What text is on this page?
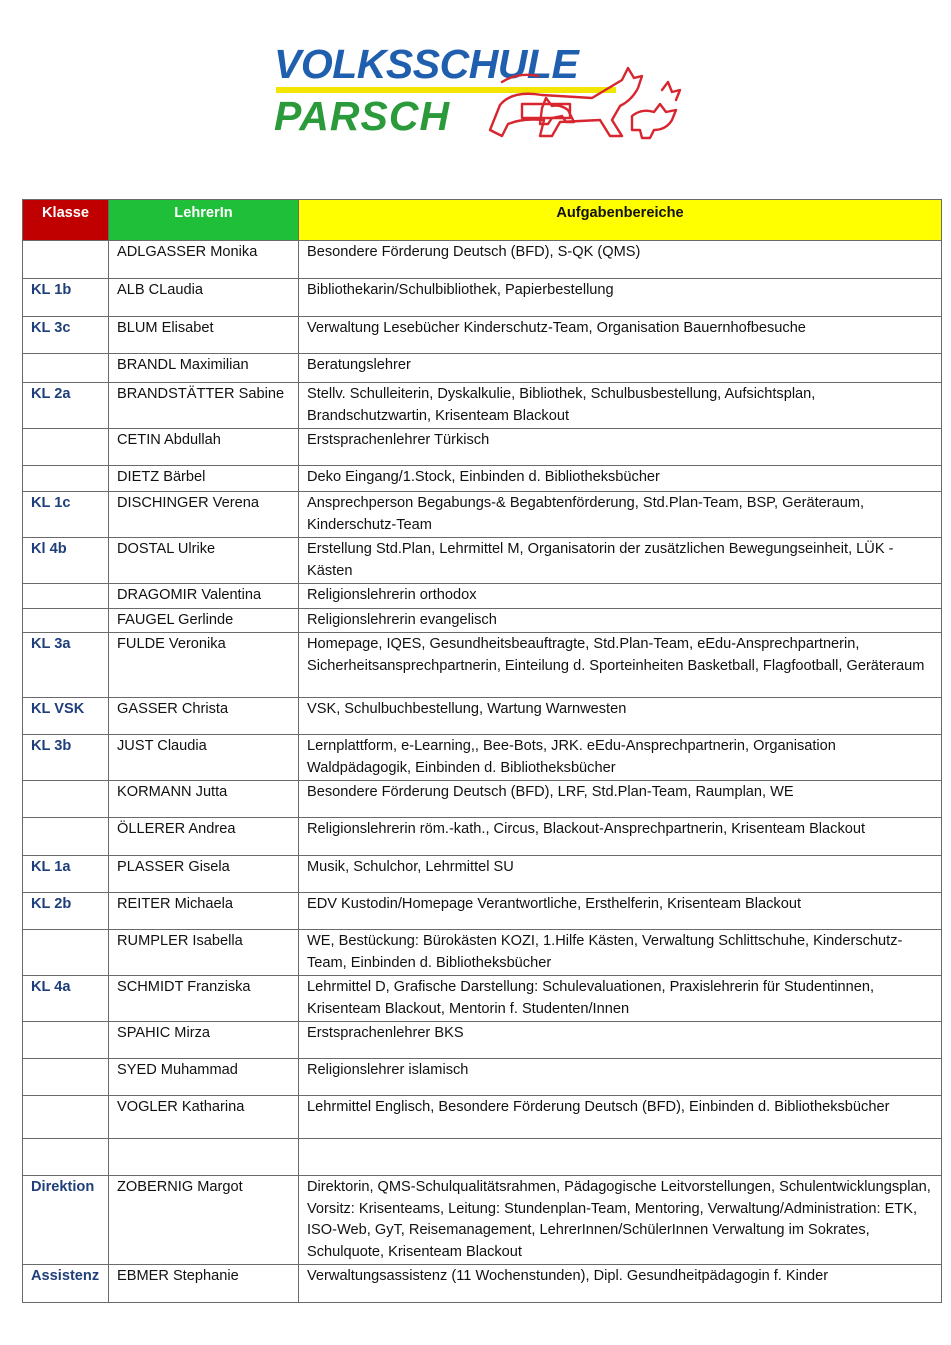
VOLKSSCHULE
PARSCH
Klasse	LehrerIn	Aufgabenbereiche
	ADLGASSER Monika	Besondere Förderung Deutsch (BFD), S-QK (QMS)
KL 1b	ALB CLaudia	Bibliothekarin/Schulbibliothek, Papierbestellung
KL 3c	BLUM Elisabet	Verwaltung Lesebücher Kinderschutz-Team, Organisation Bauernhofbesuche
	BRANDL Maximilian	Beratungslehrer
KL 2a	BRANDSTÄTTER Sabine	Stellv. Schulleiterin, Dyskalkulie, Bibliothek, Schulbusbestellung, Aufsichtsplan, Brandschutzwartin, Krisenteam Blackout
	CETIN Abdullah	Erstsprachenlehrer Türkisch
	DIETZ Bärbel	Deko Eingang/1.Stock, Einbinden d. Bibliotheksbücher
KL 1c	DISCHINGER Verena	Ansprechperson Begabungs-& Begabtenförderung, Std.Plan-Team, BSP, Geräteraum, Kinderschutz-Team
Kl 4b	DOSTAL Ulrike	Erstellung Std.Plan, Lehrmittel M, Organisatorin der zusätzlichen Bewegungseinheit, LÜK - Kästen
	DRAGOMIR Valentina	Religionslehrerin orthodox
	FAUGEL Gerlinde	Religionslehrerin evangelisch
KL 3a	FULDE Veronika	Homepage, IQES, Gesundheitsbeauftragte, Std.Plan-Team, eEdu-Ansprechpartnerin, Sicherheitsansprechpartnerin, Einteilung d. Sporteinheiten Basketball, Flagfootball, Geräteraum
KL VSK	GASSER Christa	VSK, Schulbuchbestellung, Wartung Warnwesten
KL 3b	JUST Claudia	Lernplattform, e-Learning,, Bee-Bots, JRK. eEdu-Ansprechpartnerin, Organisation Waldpädagogik, Einbinden d. Bibliotheksbücher
	KORMANN Jutta	Besondere Förderung Deutsch (BFD), LRF, Std.Plan-Team, Raumplan, WE
	ÖLLERER Andrea	Religionslehrerin röm.-kath., Circus, Blackout-Ansprechpartnerin, Krisenteam Blackout
KL 1a	PLASSER Gisela	Musik, Schulchor, Lehrmittel SU
KL 2b	REITER Michaela	EDV Kustodin/Homepage Verantwortliche, Ersthelferin, Krisenteam Blackout
	RUMPLER Isabella	WE, Bestückung: Bürokästen KOZI, 1.Hilfe Kästen, Verwaltung Schlittschuhe, Kinderschutz-Team, Einbinden d. Bibliotheksbücher
KL 4a	SCHMIDT Franziska	Lehrmittel D, Grafische Darstellung: Schulevaluationen, Praxislehrerin für Studentinnen, Krisenteam Blackout, Mentorin f. Studenten/Innen
	SPAHIC Mirza	Erstsprachenlehrer BKS
	SYED Muhammad	Religionslehrer islamisch
	VOGLER Katharina	Lehrmittel Englisch, Besondere Förderung Deutsch (BFD), Einbinden d. Bibliotheksbücher

Direktion	ZOBERNIG Margot	Direktorin, QMS-Schulqualitätsrahmen, Pädagogische Leitvorstellungen, Schulentwicklungsplan, Vorsitz: Krisenteams, Leitung: Stundenplan-Team, Mentoring, Verwaltung/Administration: ETK, ISO-Web, GyT, Reisemanagement, LehrerInnen/SchülerInnen Verwaltung im Sokrates, Schulquote, Krisenteam Blackout
Assistenz	EBMER Stephanie	Verwaltungsassistenz (11 Wochenstunden), Dipl. Gesundheitpädagogin f. Kinder
